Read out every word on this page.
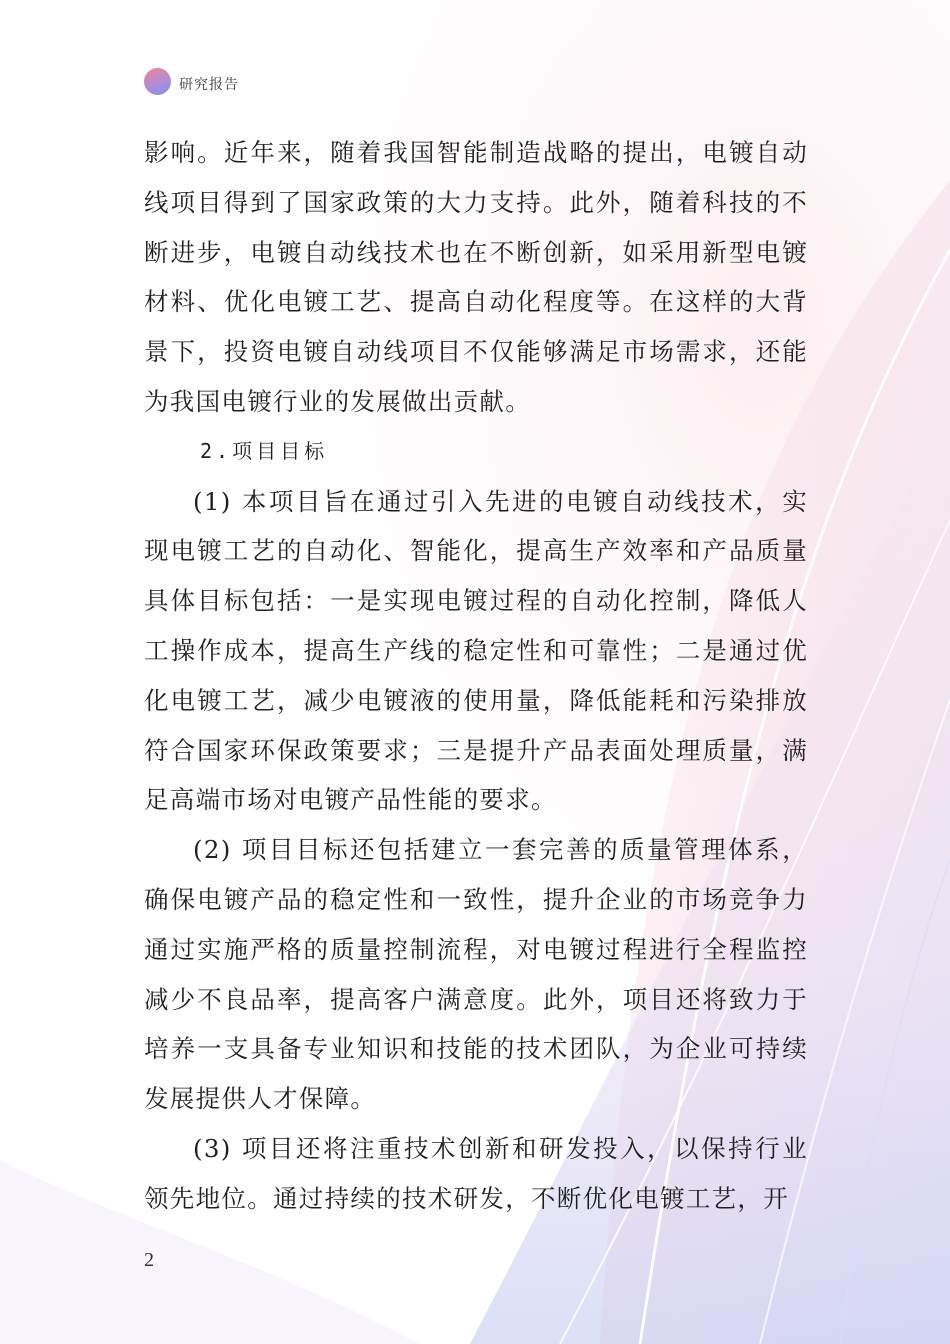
研究报告

影响。近年来，随着我国智能制造战略的提出，电镀自动线项目得到了国家政策的大力支持。此外，随着科技的不断进步，电镀自动线技术也在不断创新，如采用新型电镀材料、优化电镀工艺、提高自动化程度等。在这样的大背景下，投资电镀自动线项目不仅能够满足市场需求，还能为我国电镀行业的发展做出贡献。

2.项目目标

(1) 本项目旨在通过引入先进的电镀自动线技术，实现电镀工艺的自动化、智能化，提高生产效率和产品质量具体目标包括：一是实现电镀过程的自动化控制，降低人工操作成本，提高生产线的稳定性和可靠性；二是通过优化电镀工艺，减少电镀液的使用量，降低能耗和污染排放符合国家环保政策要求；三是提升产品表面处理质量，满足高端市场对电镀产品性能的要求。

(2) 项目目标还包括建立一套完善的质量管理体系，确保电镀产品的稳定性和一致性，提升企业的市场竞争力通过实施严格的质量控制流程，对电镀过程进行全程监控减少不良品率，提高客户满意度。此外，项目还将致力于培养一支具备专业知识和技能的技术团队，为企业可持续发展提供人才保障。

(3) 项目还将注重技术创新和研发投入，以保持行业领先地位。通过持续的技术研发，不断优化电镀工艺，开

2
